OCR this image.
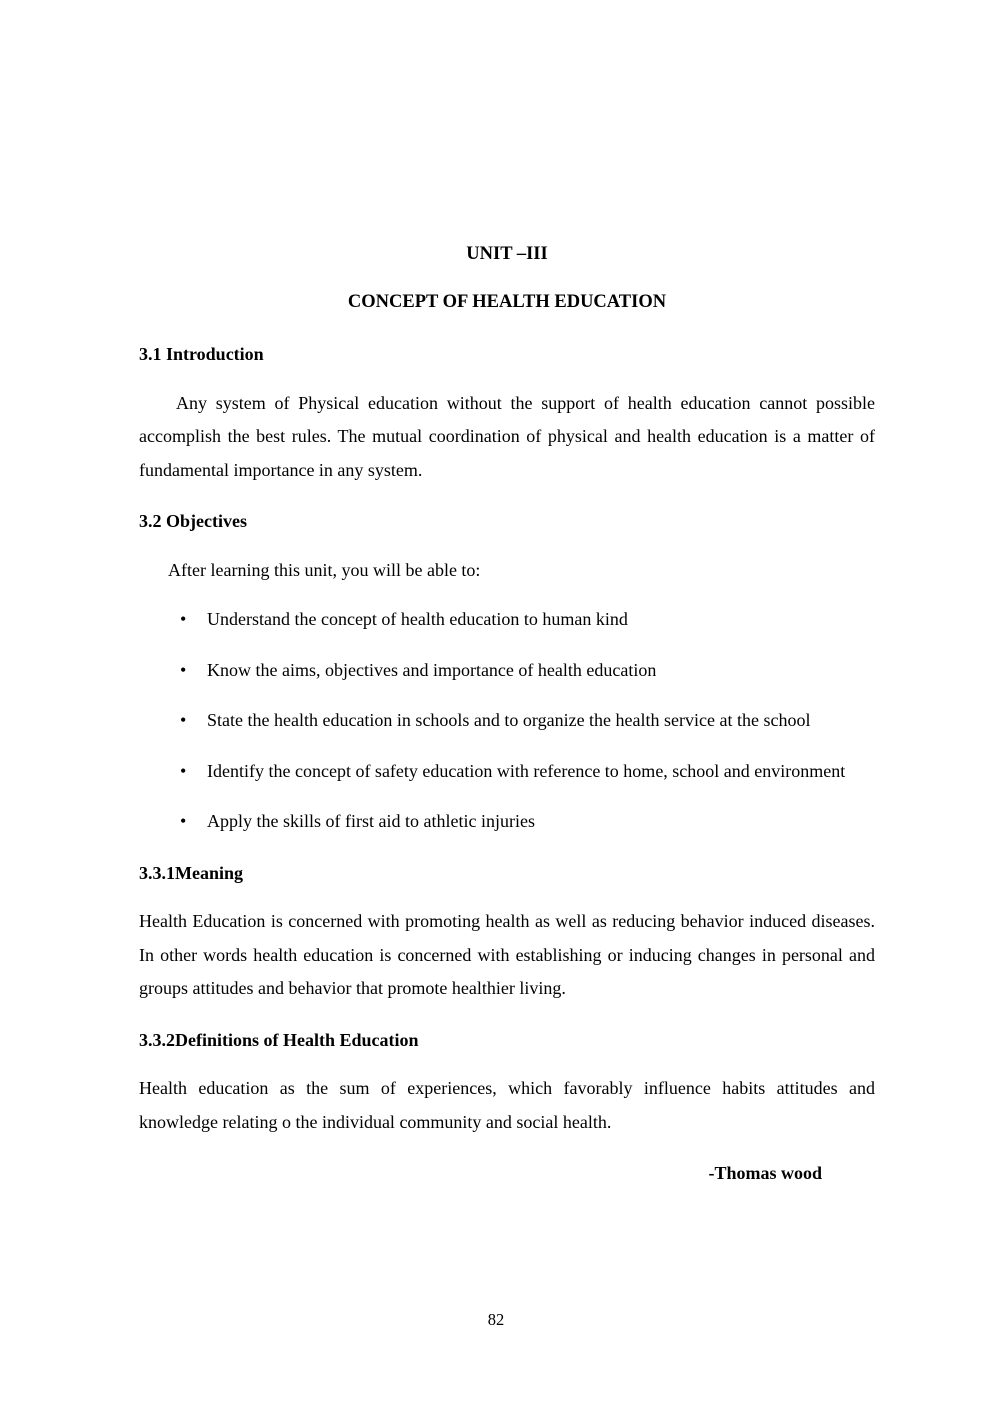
UNIT –III
CONCEPT OF HEALTH EDUCATION
3.1 Introduction

Any system of Physical education without the support of health education cannot possible accomplish the best rules. The mutual coordination of physical and health education is a matter of fundamental importance in any system.

3.2 Objectives

After learning this unit, you will be able to:

• Understand the concept of health education to human kind
• Know the aims, objectives and importance of health education
• State the health education in schools and to organize the health service at the school
• Identify the concept of safety education with reference to home, school and environment
• Apply the skills of first aid to athletic injuries
3.3.1Meaning

Health Education is concerned with promoting health as well as reducing behavior induced diseases. In other words health education is concerned with establishing or inducing changes in personal and groups attitudes and behavior that promote healthier living.

3.3.2Definitions of Health Education

Health education as the sum of experiences, which favorably influence habits attitudes and knowledge relating o the individual community and social health.

-Thomas wood
82
